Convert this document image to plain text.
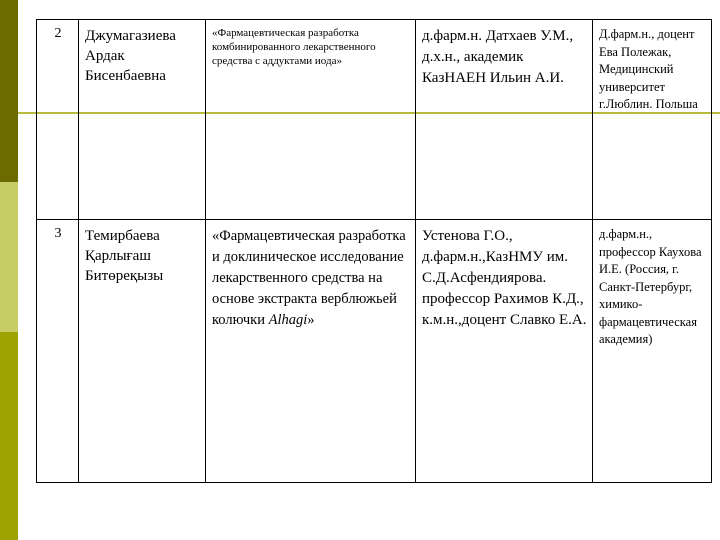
2	Джумагазиева Ардак Бисенбаевна	«Фармацевтическая разработка комбинированного лекарственного средства с аддуктами иода»	д.фарм.н. Датхаев У.М., д.х.н., академик КазНАЕН Ильин А.И.	Д.фарм.н., доцент Ева Полежак, Медицинский университет г.Люблин. Польша
3	Темирбаева Қарлығаш Битөреқызы	«Фармацевтическая разработка и доклиническое исследование лекарственного средства на основе экстракта верблюжьей колючки Alhagi»	Устенова Г.О., д.фарм.н.,КазНМУ им. С.Д.Асфендиярова. профессор Рахимов К.Д., к.м.н.,доцент Славко Е.А.	д.фарм.н., профессор Каухова И.Е. (Россия, г. Санкт-Петербург, химико-фармацевтическая академия)
